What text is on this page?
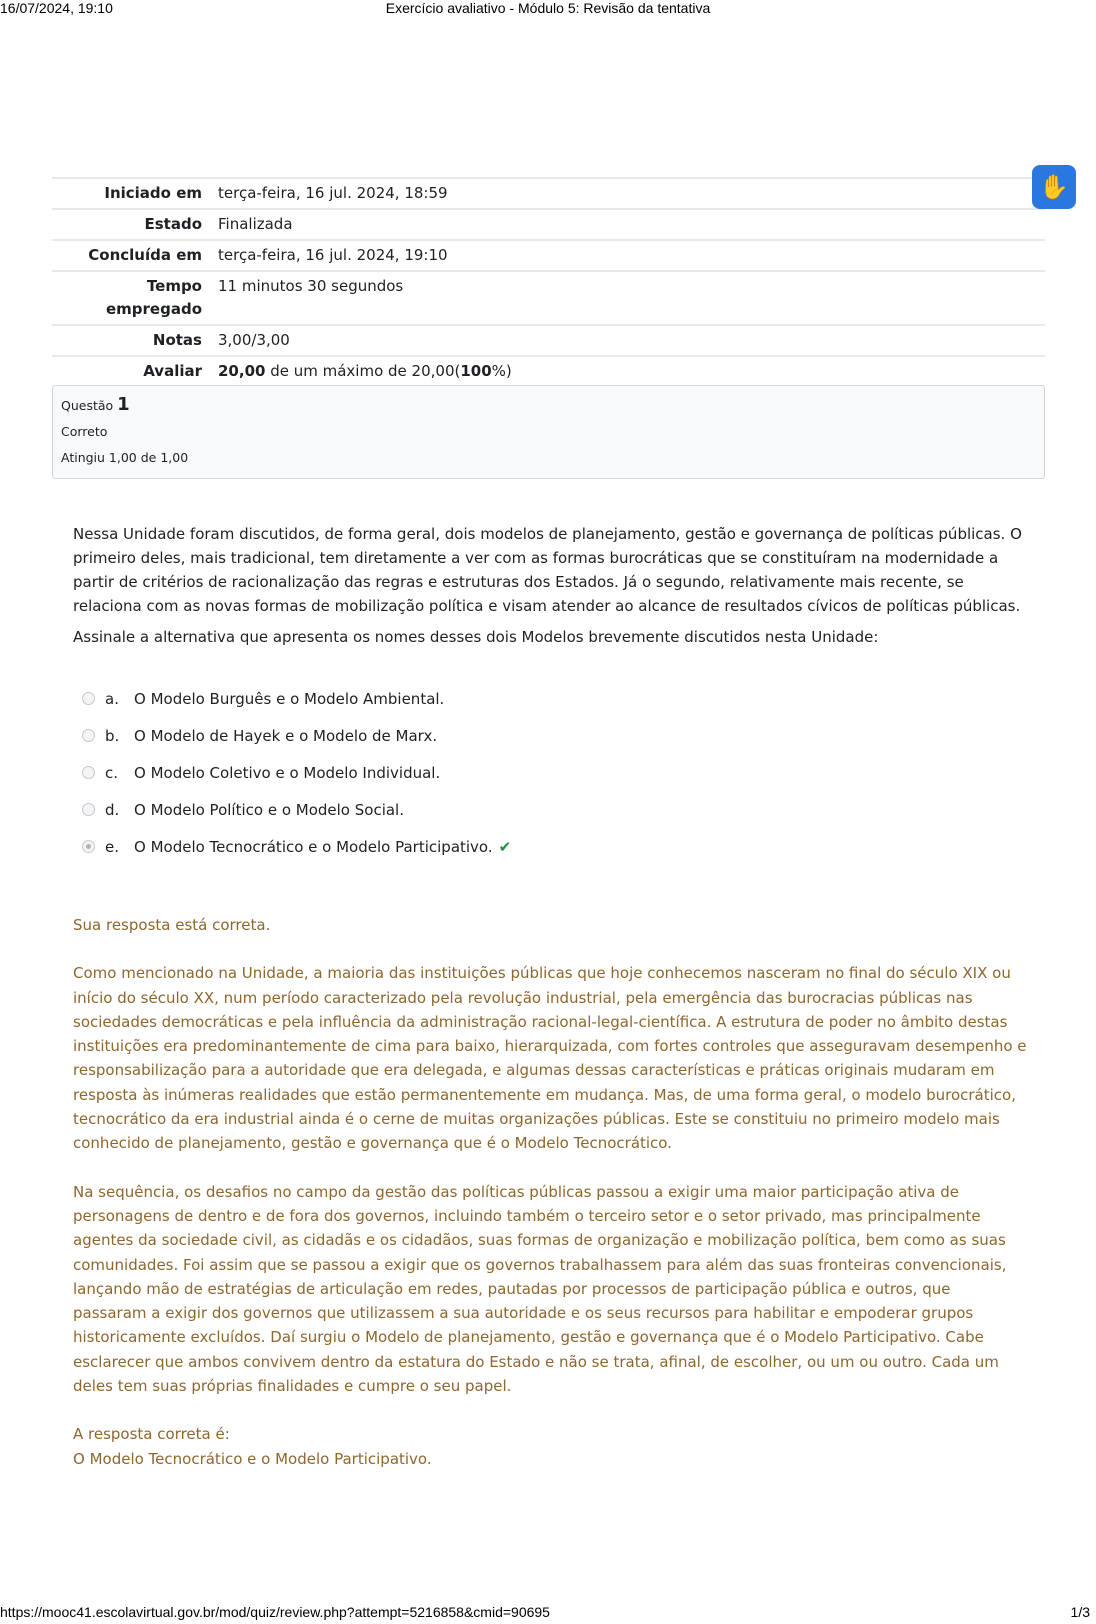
16/07/2024, 19:10	Exercício avaliativo - Módulo 5: Revisão da tentativa
Iniciado em	terça-feira, 16 jul. 2024, 18:59
Estado	Finalizada
Concluída em	terça-feira, 16 jul. 2024, 19:10
Tempo empregado	11 minutos 30 segundos
Notas	3,00/3,00
Avaliar	20,00 de um máximo de 20,00(100%)
✋
Questão 1
Correto
Atingiu 1,00 de 1,00

Nessa Unidade foram discutidos, de forma geral, dois modelos de planejamento, gestão e governança de políticas públicas. O primeiro deles, mais tradicional, tem diretamente a ver com as formas burocráticas que se constituíram na modernidade a partir de critérios de racionalização das regras e estruturas dos Estados. Já o segundo, relativamente mais recente, se relaciona com as novas formas de mobilização política e visam atender ao alcance de resultados cívicos de políticas públicas.

Assinale a alternativa que apresenta os nomes desses dois Modelos brevemente discutidos nesta Unidade:

a.	O Modelo Burguês e o Modelo Ambiental.
b. O Modelo de Hayek e o Modelo de Marx.
c.	O Modelo Coletivo e o Modelo Individual.
d. O Modelo Político e o Modelo Social.
e.	O Modelo Tecnocrático e o Modelo Participativo. ✔

Sua resposta está correta.

Como mencionado na Unidade, a maioria das instituições públicas que hoje conhecemos nasceram no final do século XIX ou início do século XX, num período caracterizado pela revolução industrial, pela emergência das burocracias públicas nas sociedades democráticas e pela influência da administração racional-legal-científica. A estrutura de poder no âmbito destas instituições era predominantemente de cima para baixo, hierarquizada, com fortes controles que asseguravam desempenho e responsabilização para a autoridade que era delegada, e algumas dessas características e práticas originais mudaram em resposta às inúmeras realidades que estão permanentemente em mudança. Mas, de uma forma geral, o modelo burocrático, tecnocrático da era industrial ainda é o cerne de muitas organizações públicas. Este se constituiu no primeiro modelo mais conhecido de planejamento, gestão e governança que é o Modelo Tecnocrático.

Na sequência, os desafios no campo da gestão das políticas públicas passou a exigir uma maior participação ativa de personagens de dentro e de fora dos governos, incluindo também o terceiro setor e o setor privado, mas principalmente agentes da sociedade civil, as cidadãs e os cidadãos, suas formas de organização e mobilização política, bem como as suas comunidades. Foi assim que se passou a exigir que os governos trabalhassem para além das suas fronteiras convencionais, lançando mão de estratégias de articulação em redes, pautadas por processos de participação pública e outros, que passaram a exigir dos governos que utilizassem a sua autoridade e os seus recursos para habilitar e empoderar grupos historicamente excluídos. Daí surgiu o Modelo de planejamento, gestão e governança que é o Modelo Participativo. Cabe esclarecer que ambos convivem dentro da estatura do Estado e não se trata, afinal, de escolher, ou um ou outro. Cada um deles tem suas próprias finalidades e cumpre o seu papel.

A resposta correta é:
O Modelo Tecnocrático e o Modelo Participativo.
https://mooc41.escolavirtual.gov.br/mod/quiz/review.php?attempt=5216858&cmid=90695	1/3
